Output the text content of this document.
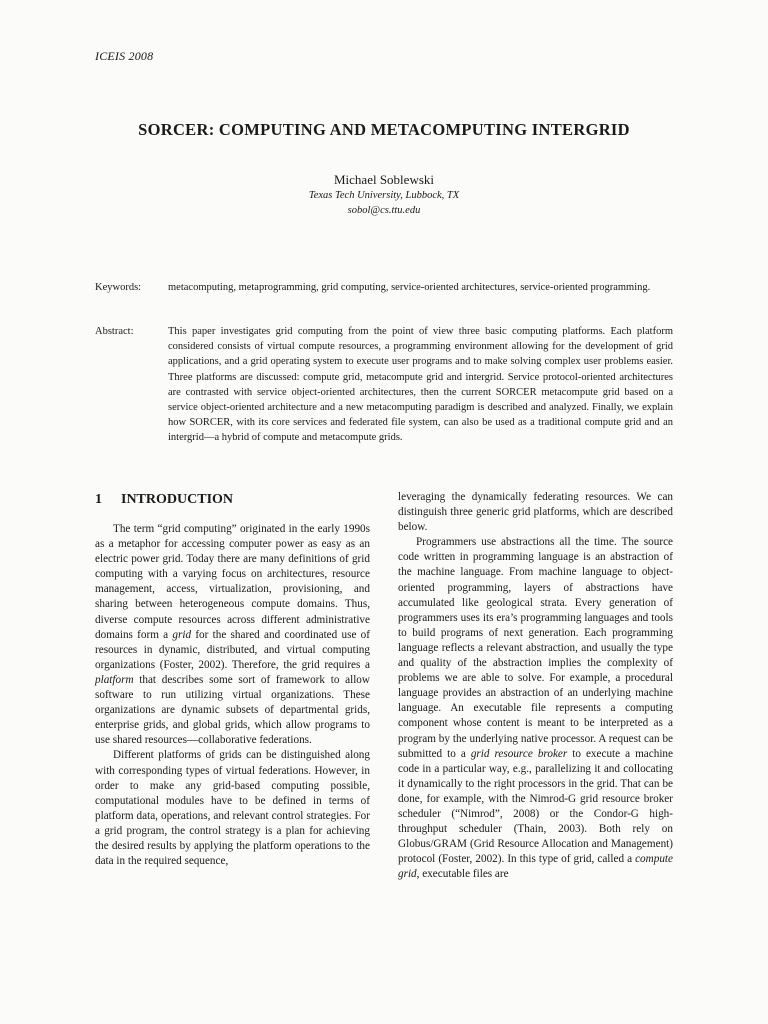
ICEIS 2008
SORCER: COMPUTING AND METACOMPUTING INTERGRID
Michael Soblewski
Texas Tech University, Lubbock, TX
sobol@cs.ttu.edu
Keywords:	metacomputing, metaprogramming, grid computing, service-oriented architectures, service-oriented programming.
Abstract:	This paper investigates grid computing from the point of view three basic computing platforms. Each platform considered consists of virtual compute resources, a programming environment allowing for the development of grid applications, and a grid operating system to execute user programs and to make solving complex user problems easier. Three platforms are discussed: compute grid, metacompute grid and intergrid. Service protocol-oriented architectures are contrasted with service object-oriented architectures, then the current SORCER metacompute grid based on a service object-oriented architecture and a new metacomputing paradigm is described and analyzed. Finally, we explain how SORCER, with its core services and federated file system, can also be used as a traditional compute grid and an intergrid—a hybrid of compute and metacompute grids.
1 INTRODUCTION

The term “grid computing” originated in the early 1990s as a metaphor for accessing computer power as easy as an electric power grid. Today there are many definitions of grid computing with a varying focus on architectures, resource management, access, virtualization, provisioning, and sharing between heterogeneous compute domains. Thus, diverse compute resources across different administrative domains form a grid for the shared and coordinated use of resources in dynamic, distributed, and virtual computing organizations (Foster, 2002). Therefore, the grid requires a platform that describes some sort of framework to allow software to run utilizing virtual organizations. These organizations are dynamic subsets of departmental grids, enterprise grids, and global grids, which allow programs to use shared resources—collaborative federations.

Different platforms of grids can be distinguished along with corresponding types of virtual federations. However, in order to make any grid-based computing possible, computational modules have to be defined in terms of platform data, operations, and relevant control strategies. For a grid program, the control strategy is a plan for achieving the desired results by applying the platform operations to the data in the required sequence,

leveraging the dynamically federating resources. We can distinguish three generic grid platforms, which are described below.

Programmers use abstractions all the time. The source code written in programming language is an abstraction of the machine language. From machine language to object-oriented programming, layers of abstractions have accumulated like geological strata. Every generation of programmers uses its era’s programming languages and tools to build programs of next generation. Each programming language reflects a relevant abstraction, and usually the type and quality of the abstraction implies the complexity of problems we are able to solve. For example, a procedural language provides an abstraction of an underlying machine language. An executable file represents a computing component whose content is meant to be interpreted as a program by the underlying native processor. A request can be submitted to a grid resource broker to execute a machine code in a particular way, e.g., parallelizing it and collocating it dynamically to the right processors in the grid. That can be done, for example, with the Nimrod-G grid resource broker scheduler (“Nimrod”, 2008) or the Condor-G high-throughput scheduler (Thain, 2003). Both rely on Globus/GRAM (Grid Resource Allocation and Management) protocol (Foster, 2002). In this type of grid, called a compute grid, executable files are
